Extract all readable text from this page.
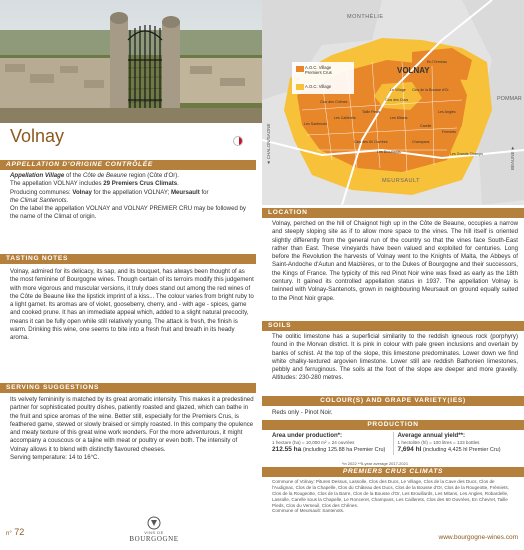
Volnay
APPELLATION D'ORIGINE CONTRÔLÉE

Appellation Village of the Côte de Beaune region (Côte d'Or).

The appellation VOLNAY includes 29 Premiers Crus Climats.

Producing communes: Volnay for the appellation VOLNAY; Meursault for

the Climat Santenots.

On the label the appellation VOLNAY and VOLNAY PREMIER CRU may be followed by the name of the Climat of origin.

TASTING NOTES

Volnay, admired for its delicacy, its sap, and its bouquet, has always been thought of as the most feminine of Bourgogne wines. Though certain of its terroirs modify this judgement with more vigorous and muscular versions, it truly does stand out among the red wines of the Côte de Beaune like the lipstick imprint of a kiss... The colour varies from bright ruby to a light garnet. Its aromas are of violet, gooseberry, cherry, and - with age - spices, game and cooked prune. It has an immediate appeal which, added to a slight natural precocity, means it can be fully open while still relatively young. The attack is fresh, the finish is warm. Drinking this wine, one seems to bite into a fresh fruit and breath in its heady aroma.

SERVING SUGGESTIONS

Its velvety femininity is matched by its great aromatic intensity. This makes it a predestined partner for sophisticated poultry dishes, patiently roasted and glazed, which can bathe in the fruit and spice aromas of the wine. Better still, especially for the Premiers Crus, is feathered game, stewed or slowly braised or simply roasted. In this company the opulence and meaty texture of this great wine work wonders. For the more adventurous, it might accompany a couscous or a tajine with meat or poultry or even both. The intensity of Volnay allows it to blend with distinctly flavoured cheeses.

Serving temperature: 14 to 16°C.

n° 72	VINS DE
BOURGOGNE
MONTHÉLIE
VOLNAY
POMMAR
MEURSAULT
◄ CHALON/SAONE	BEAUNE ►
A.O.C. Village
Premiers Crus
A.O.C. Village
Clos des Chênes
Les Santenots
Les Caillerets
Taille Pieds
Les Mitans
Clos de la Bousse d'Or
Les Angles
Fremiets
Clos des Ducs
Champans
Clos des 60 Ouvrées
En l'Ormeau
Le Village
Carelle
Les Brouillards	Les Grands Champs
LOCATION

Volnay, perched on the hill of Chaignot high up in the Côte de Beaune, occupies a narrow and steeply sloping site as if to allow more space to the vines. The hill itself is oriented slightly differently from the general run of the country so that the vines face South-East rather than East. These vineyards have been valued and exploited for centuries. Long before the Revolution the harvests of Volnay went to the Knights of Malta, the Abbeys of Saint-Andoche d'Autun and Maizières, or to the Dukes of Bourgogne and their successors, the Kings of France. The typicity of this red Pinot Noir wine was fixed as early as the 18th century. It gained its controlled appellation status in 1937. The appellation Volnay is twinned with Volnay-Santenots, grown in neighbouring Meursault on ground equally suited to the Pinot Noir grape.

SOILS

The oolitic limestone has a superficial similarity to the reddish igneous rock (porphyry) found in the Morvan district. It is pink in colour with pale green inclusions and overlain by banks of schist. At the top of the slope, this limestone predominates. Lower down we find white chalky-textured argovien limestone. Lower still are reddish Bathonien limestones, pebbly and ferruginous. The soils at the foot of the slope are deeper and more gravelly. Altitudes: 230-280 metres.

COLOUR(S) AND GRAPE VARIETY(IES)

Reds only - Pinot Noir.

PRODUCTION
Area under production*:
1 hectare (ha) = 10,000 m² = 24 ouvrées
212.55 ha (including 125.88 ha Premier Cru)
Average annual yield**:
1 hectolitre (hl) = 100 litres = 133 bottles
7,694 hl (including 4,425 hl Premier Cru)
*in 2022 **5-year average 2017-2021
PREMIERS CRUS CLIMATS

Commune of Volnay: Pitures Dessus, Lassolle, Clos des Ducs, Le Village, Clos de la Cave des Ducs, Clos de l'Audignac, Clos de la Chapelle, Clos du Château des Ducs, Clos de la Bousse d'Or, Clos de la Rougeotte, Frémiets, Clos de la Rougeotte, Clos de la Barre, Clos de la Bousse d'Or, Les Brouillards, Les Mitans, Les Angles, Robardelle, Lassolle, Carelle sous la Chapelle, Le Ronceret, Champans, Les Caillerets, Clos des 60 Ouvrées, En Chevret, Taille Pieds, Clos du Verseuil, Clos des Chênes.

Commune of Meursault: Santenots.

www.bourgogne-wines.com
